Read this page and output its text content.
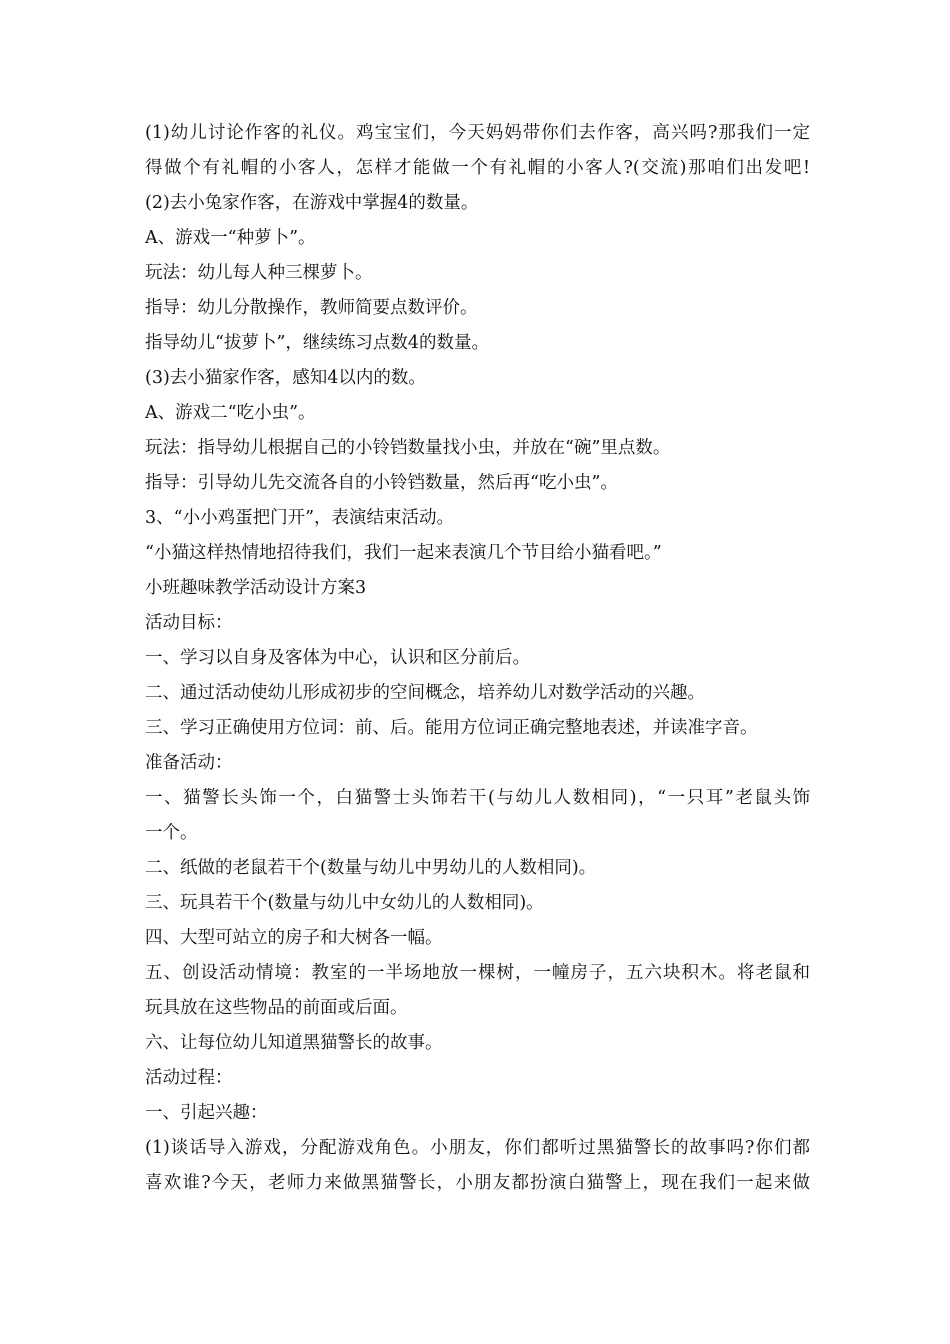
(1)幼儿讨论作客的礼仪。鸡宝宝们，今天妈妈带你们去作客，高兴吗?那我们一定
得做个有礼帽的小客人，怎样才能做一个有礼帽的小客人?(交流)那咱们出发吧!
(2)去小兔家作客，在游戏中掌握4的数量。
A、游戏一“种萝卜”。
玩法：幼儿每人种三棵萝卜。
指导：幼儿分散操作，教师简要点数评价。
指导幼儿“拔萝卜”，继续练习点数4的数量。
(3)去小猫家作客，感知4以内的数。
A、游戏二“吃小虫”。
玩法：指导幼儿根据自己的小铃铛数量找小虫，并放在“碗”里点数。
指导：引导幼儿先交流各自的小铃铛数量，然后再“吃小虫”。
3、“小小鸡蛋把门开”，表演结束活动。
“小猫这样热情地招待我们，我们一起来表演几个节目给小猫看吧。”
小班趣味教学活动设计方案3
活动目标：
一、学习以自身及客体为中心，认识和区分前后。
二、通过活动使幼儿形成初步的空间概念，培养幼儿对数学活动的兴趣。
三、学习正确使用方位词：前、后。能用方位词正确完整地表述，并读准字音。
准备活动：
一、猫警长头饰一个，白猫警士头饰若干(与幼儿人数相同)，“一只耳”老鼠头饰
一个。
二、纸做的老鼠若干个(数量与幼儿中男幼儿的人数相同)。
三、玩具若干个(数量与幼儿中女幼儿的人数相同)。
四、大型可站立的房子和大树各一幅。
五、创设活动情境：教室的一半场地放一棵树，一幢房子，五六块积木。将老鼠和
玩具放在这些物品的前面或后面。
六、让每位幼儿知道黑猫警长的故事。
活动过程：
一、引起兴趣：
(1)谈话导入游戏，分配游戏角色。小朋友，你们都听过黑猫警长的故事吗?你们都
喜欢谁?今天，老师力来做黑猫警长，小朋友都扮演白猫警上，现在我们一起来做
